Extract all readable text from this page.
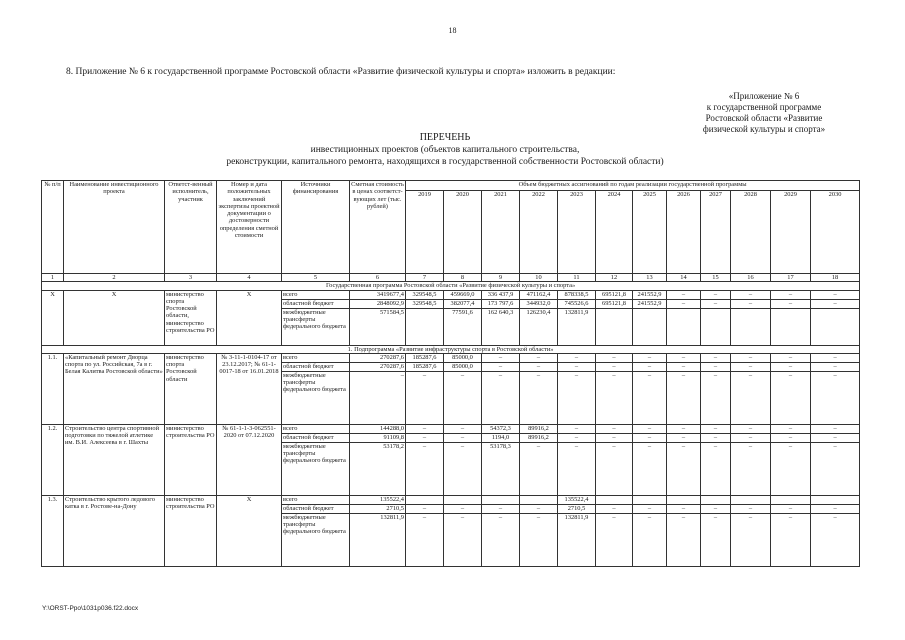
18
8. Приложение № 6 к государственной программе Ростовской области «Развитие физической культуры и спорта» изложить в редакции:
«Приложение № 6
к государственной программе
Ростовской области «Развитие
физической культуры и спорта»
ПЕРЕЧЕНЬ
инвестиционных проектов (объектов капитального строительства,
реконструкции, капитального ремонта, находящихся в государственной собственности Ростовской области)
№ п/п	Наименование инвестиционного проекта	Ответст-венный исполнитель, участник	Номер и дата положительных заключений экспертизы проектной документации о достоверности определения сметной стоимости	Источники финансирования	Сметная стоимость в ценах соответст-вующих лет (тыс. рублей)	Объем бюджетных ассигнований по годам реализации государственной программы											
						2019	2020	2021	2022	2023	2024	2025	2026	2027	2028	2029	2030
1	2	3	4	5	6	7	8	9	10	11	12	13	14	15	16	17	18
Государственная программа Ростовской области «Развитие физической культуры и спорта»																	
Х	Х	министерство спорта Ростовской области, министерство строительства РО	Х	всего	3419677,4	329548,5	459669,0	336 437,9	471162,4	878338,5	695121,8	241552,9	–	–	–	–	–
				областной бюджет	2848092,9	329548,5	382077,4	173 797,6	344932,0	745526,6	695121,8	241552,9	–	–	–	–	–
				межбюджетные трансферты федерального бюджета	571584,5		77591,6	162 640,3	126230,4	132811,9							
1. Подпрограмма «Развитие инфраструктуры спорта в Ростовской области»																	
1.1.	«Капитальный ремонт Дворца спорта по ул. Российская, 7а в г. Белая Калитва Ростовской области»	министерство спорта Ростовской области	№ 3-11-1-0104-17 от 23.12.2017; № 61-1-0017-18 от 16.01.2018	всего	270287,6	185287,6	85000,0	–	–	–	–	–	–	–	–	–	–
				областной бюджет	270287,6	185287,6	85000,0	–	–	–	–	–	–	–	–	–	–
				межбюджетные трансферты федерального бюджета	–	–	–	–	–	–	–	–	–	–	–	–	–
1.2.	Строительство центра спортивной подготовки по тяжелой атлетике им. В.И. Алексеева в г. Шахты	министерство строительства РО	№ 61-1-1-3-062551-2020 от 07.12.2020	всего	144288,0	–	–	54372,3	89916,2	–	–	–	–	–	–	–	–
				областной бюджет	91109,8	–	–	1194,0	89916,2	–	–	–	–	–	–	–	–
				межбюджетные трансферты федерального бюджета	53178,2	–	–	53178,3	–	–	–	–	–	–	–	–	–
1.3.	Строительство крытого ледового катка в г. Ростове-на-Дону	министерство строительства РО	Х	всего	135522,4					135522,4							
				областной бюджет	2710,5	–	–	–	–	2710,5	–	–	–	–	–	–	–
				межбюджетные трансферты федерального бюджета	132811,9	–	–	–	–	132811,9	–	–	–	–	–	–	–
Y:\ORST-Ppo\1031p036.f22.docx
